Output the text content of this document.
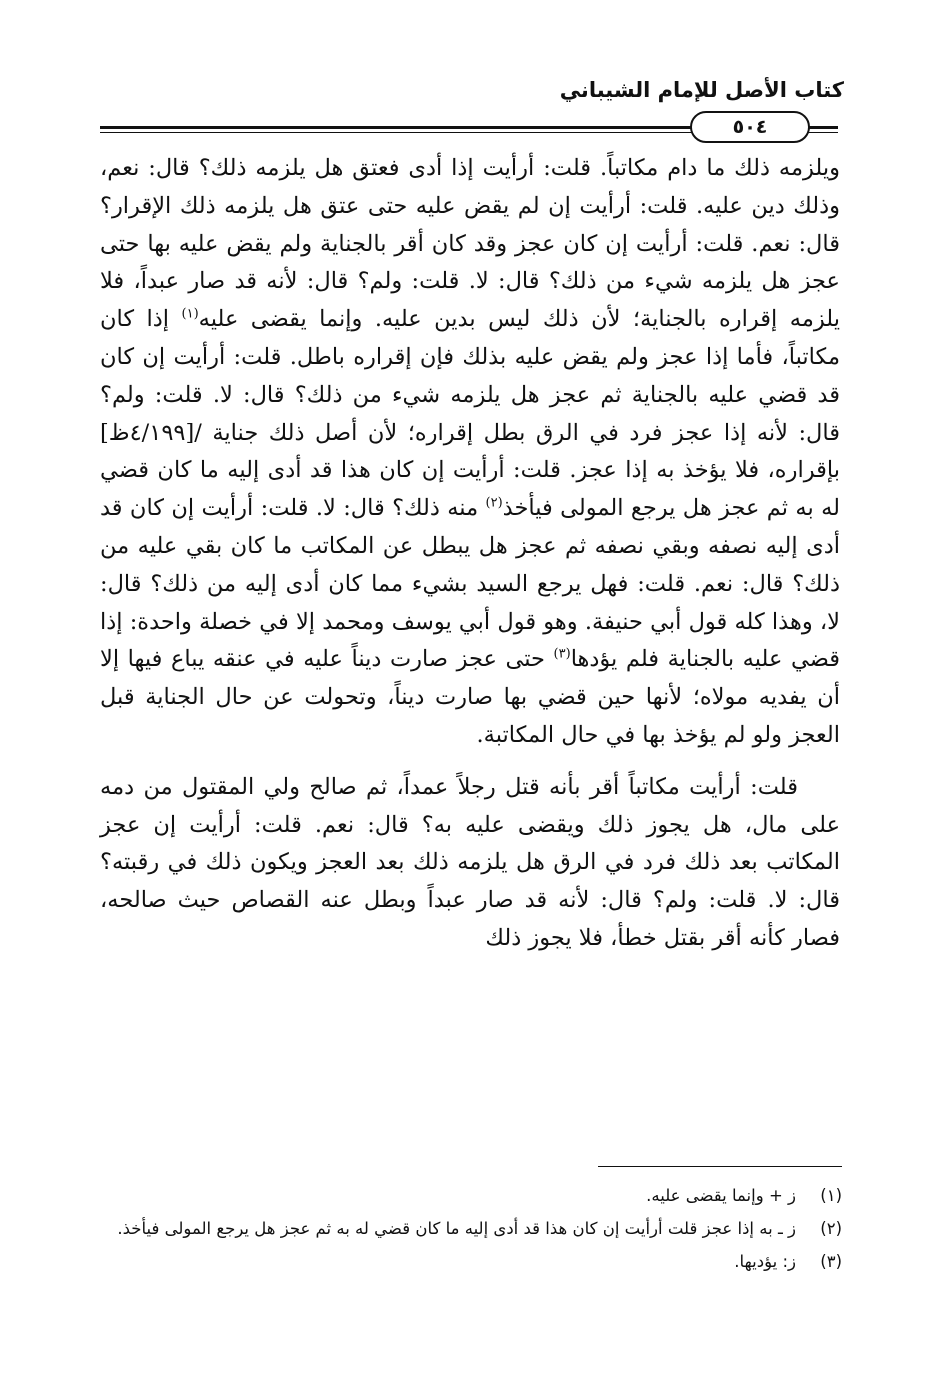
كتاب الأصل للإمام الشيباني
٥٠٤

ويلزمه ذلك ما دام مكاتباً. قلت: أرأيت إذا أدى فعتق هل يلزمه ذلك؟ قال: نعم، وذلك دين عليه. قلت: أرأيت إن لم يقض عليه حتى عتق هل يلزمه ذلك الإقرار؟ قال: نعم. قلت: أرأيت إن كان عجز وقد كان أقر بالجناية ولم يقض عليه بها حتى عجز هل يلزمه شيء من ذلك؟ قال: لا. قلت: ولم؟ قال: لأنه قد صار عبداً، فلا يلزمه إقراره بالجناية؛ لأن ذلك ليس بدين عليه. وإنما يقضى عليه$^{(١)}$ إذا كان مكاتباً، فأما إذا عجز ولم يقض عليه بذلك فإن إقراره باطل. قلت: أرأيت إن كان قد قضي عليه بالجناية ثم عجز هل يلزمه شيء من ذلك؟ قال: لا. قلت: ولم؟ قال: لأنه إذا عجز فرد في الرق بطل إقراره؛ لأن أصل ذلك جناية /[٤/١٩٩ظ] بإقراره، فلا يؤخذ به إذا عجز. قلت: أرأيت إن كان هذا قد أدى إليه ما كان قضي له به ثم عجز هل يرجع المولى فيأخذ$^{(٢)}$ منه ذلك؟ قال: لا. قلت: أرأيت إن كان قد أدى إليه نصفه وبقي نصفه ثم عجز هل يبطل عن المكاتب ما كان بقي عليه من ذلك؟ قال: نعم. قلت: فهل يرجع السيد بشيء مما كان أدى إليه من ذلك؟ قال: لا، وهذا كله قول أبي حنيفة. وهو قول أبي يوسف ومحمد إلا في خصلة واحدة: إذا قضي عليه بالجناية فلم يؤدها$^{(٣)}$ حتى عجز صارت ديناً عليه في عنقه يباع فيها إلا أن يفديه مولاه؛ لأنها حين قضي بها صارت ديناً، وتحولت عن حال الجناية قبل العجز ولو لم يؤخذ بها في حال المكاتبة.

قلت: أرأيت مكاتباً أقر بأنه قتل رجلاً عمداً، ثم صالح ولي المقتول من دمه على مال، هل يجوز ذلك ويقضى عليه به؟ قال: نعم. قلت: أرأيت إن عجز المكاتب بعد ذلك فرد في الرق هل يلزمه ذلك بعد العجز ويكون ذلك في رقبته؟ قال: لا. قلت: ولم؟ قال: لأنه قد صار عبداً وبطل عنه القصاص حيث صالحه، فصار كأنه أقر بقتل خطأ، فلا يجوز ذلك

(١)
ز + وإنما يقضى عليه.
(٢)
ز ـ به إذا عجز قلت أرأيت إن كان هذا قد أدى إليه ما كان قضي له به ثم عجز هل يرجع المولى فيأخذ.
(٣)
ز: يؤديها.
